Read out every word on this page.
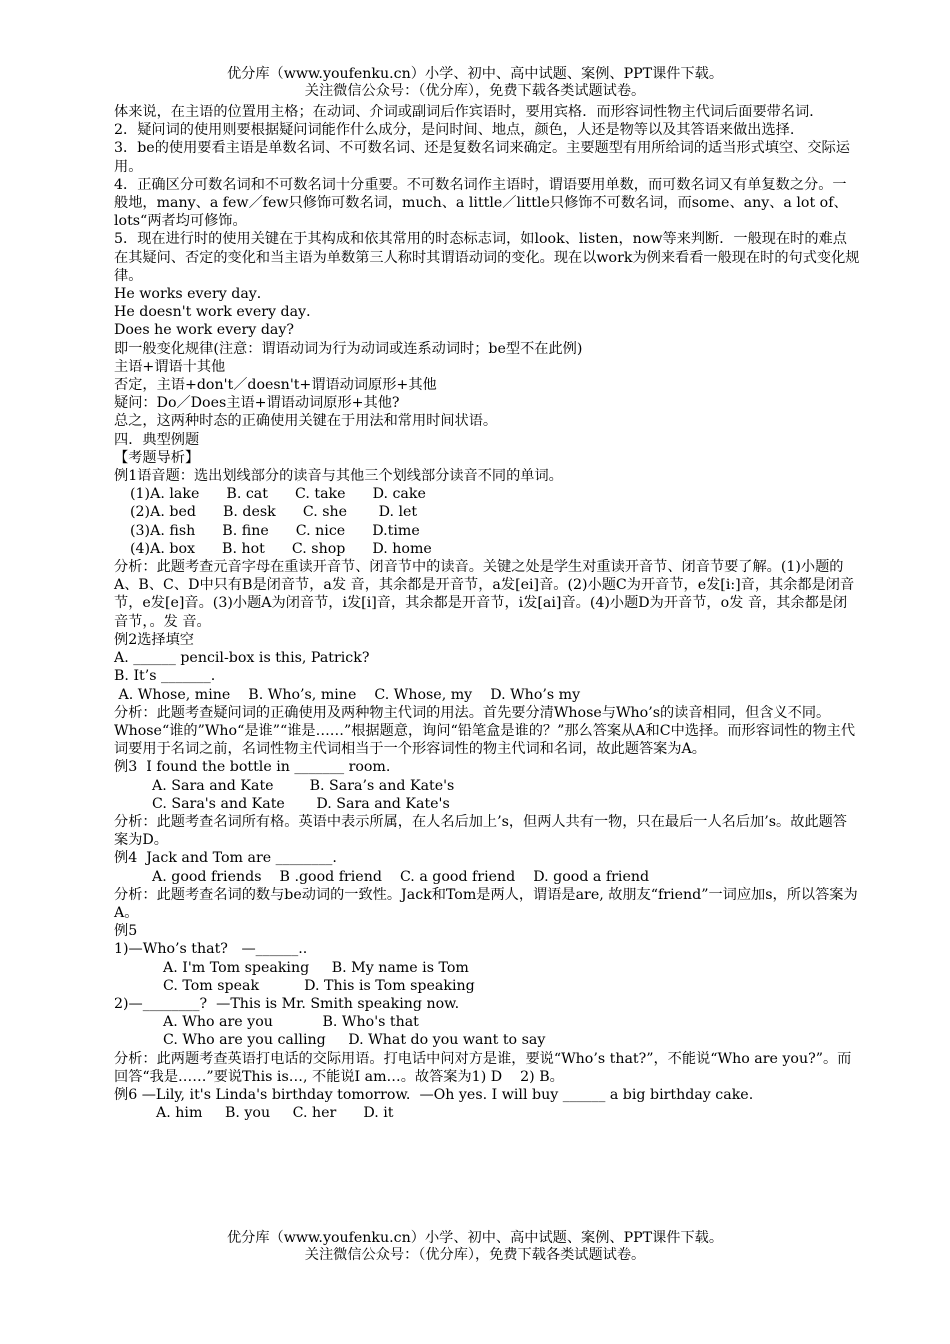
优分库（www.youfenku.cn）小学、初中、高中试题、案例、PPT课件下载。
关注微信公众号：（优分库），免费下载各类试题试卷。

体来说，在主语的位置用主格；在动词、介词或副词后作宾语时，要用宾格．而形容词性物主代词后面要带名词．

2．疑问词的使用则要根据疑问词能作什么成分，是问时间、地点，颜色，人还是物等以及其答语来做出选择.

3．be的使用要看主语是单数名词、不可数名词、还是复数名词来确定。主要题型有用所给词的适当形式填空、交际运用。

4．正确区分可数名词和不可数名词十分重要。不可数名词作主语时，谓语要用单数，而可数名词又有单复数之分。一般地，many、a few／few只修饰可数名词，much、a little／little只修饰不可数名词，而some、any、a lot of、lots“两者均可修饰。

5．现在进行时的使用关键在于其构成和依其常用的时态标志词，如look、listen，now等来判断．一般现在时的难点在其疑问、否定的变化和当主语为单数第三人称时其谓语动词的变化。现在以work为例来看看一般现在时的句式变化规律。

He works every day．

He doesn't work every day．

Does he work every day?

即一般变化规律(注意：谓语动词为行为动词或连系动词时；be型不在此例)

主语+谓语十其他

否定，主语+don't／doesn't+谓语动词原形+其他

疑问：Do／Does主语+谓语动词原形+其他?

总之，这两种时态的正确使用关键在于用法和常用时间状语。

四．典型例题

【考题导析】

例1语音题：选出划线部分的读音与其他三个划线部分读音不同的单词。

(1)A. lake      B. cat      C. take      D. cake

(2)A. bed      B. desk      C. she       D. let

(3)A. fish      B. fine      C. nice      D.time

(4)A. box      B. hot      C. shop      D. home

分析：此题考查元音字母在重读开音节、闭音节中的读音。关键之处是学生对重读开音节、闭音节要了解。(1)小题的A、B、C、D中只有B是闭音节，a发 音，其余都是开音节，a发[ei]音。(2)小题C为开音节，e发[i:]音，其余都是闭音节，e发[e]音。(3)小题A为闭音节，i发[i]音，其余都是开音节，i发[ai]音。(4)小题D为开音节，o发 音，其余都是闭音节，。发 音。

例2选择填空

A. ______ pencil-box is this, Patrick?

B. It’s _______.

A. Whose, mine    B. Who’s, mine    C. Whose, my    D. Who’s my

分析：此题考查疑问词的正确使用及两种物主代词的用法。首先要分清Whose与Who’s的读音相同，但含义不同。Whose“谁的”Who“是谁”“谁是……”根据题意，询问“铅笔盒是谁的？”那么答案从A和C中选择。而形容词性的物主代词要用于名词之前，名词性物主代词相当于一个形容词性的物主代词和名词，故此题答案为A。

例3  I found the bottle in _______ room.

A. Sara and Kate        B. Sara’s and Kate's

C. Sara's and Kate       D. Sara and Kate's

分析：此题考查名词所有格。英语中表示所属，在人名后加上’s，但两人共有一物，只在最后一人名后加’s。故此题答案为D。

例4  Jack and Tom are ________.

A. good friends    B .good friend    C. a good friend    D. good a friend

分析：此题考查名词的数与be动词的一致性。Jack和Tom是两人，谓语是are, 故朋友“friend”一词应加s，所以答案为A。

例5

1)—Who’s that?   —______..

A. I'm Tom speaking     B. My name is Tom

C. Tom speak          D. This is Tom speaking

2)—________?  —This is Mr. Smith speaking now.

A. Who are you           B. Who's that

C. Who are you calling     D. What do you want to say

分析：此两题考查英语打电话的交际用语。打电话中问对方是谁，要说“Who’s that?”，不能说“Who are you?”。而回答“我是……”要说This is…, 不能说I am…。故答案为1) D    2) B。

例6 —Lily, it's Linda's birthday tomorrow.  —Oh yes. I will buy ______ a big birthday cake.

A. him     B. you     C. her      D. it

优分库（www.youfenku.cn）小学、初中、高中试题、案例、PPT课件下载。
关注微信公众号：（优分库），免费下载各类试题试卷。
